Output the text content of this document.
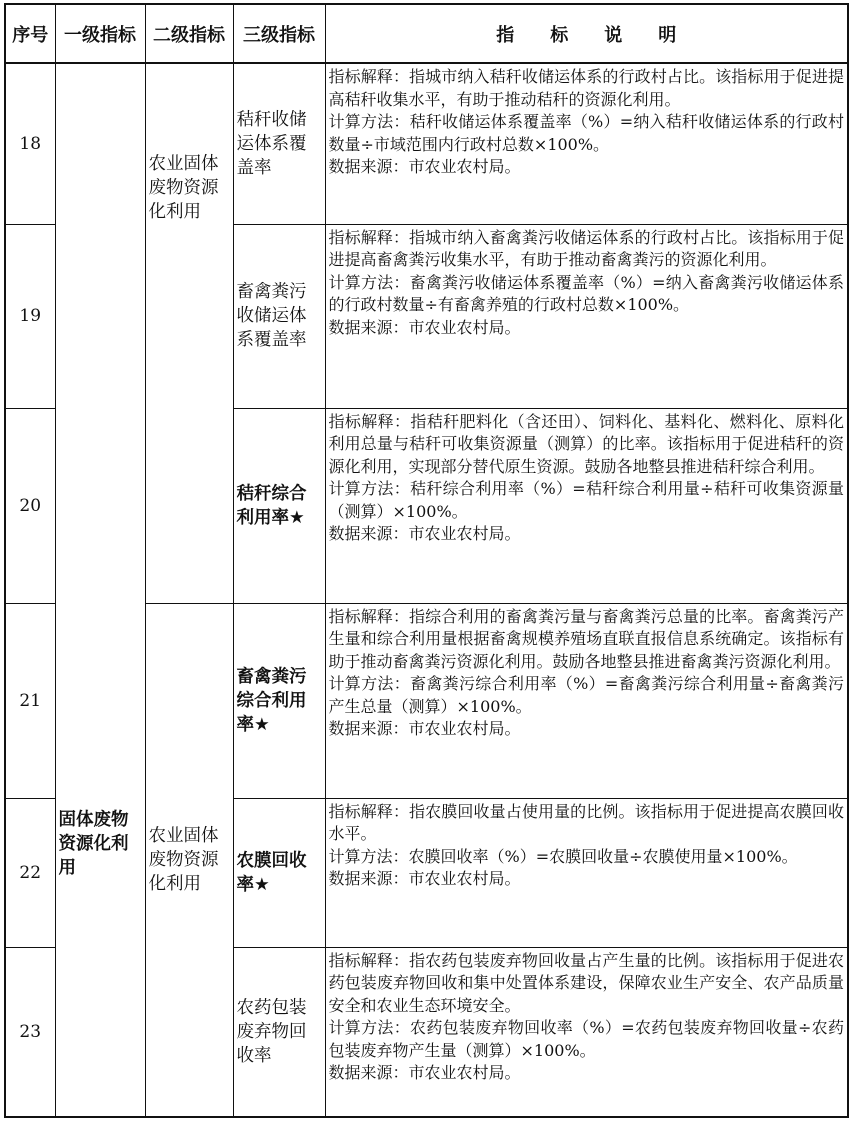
序号	一级指标	二级指标	三级指标	指　　标　　说　　明
18	固体废物资源化利用	农业固体废物资源化利用	秸秆收储运体系覆盖率	指标解释：指城市纳入秸秆收储运体系的行政村占比。该指标用于促进提高秸秆收集水平，有助于推动秸秆的资源化利用。

计算方法：秸秆收储运体系覆盖率（%）=纳入秸秆收储运体系的行政村数量÷市域范围内行政村总数×100%。

数据来源：市农业农村局。

19			畜禽粪污收储运体系覆盖率	指标解释：指城市纳入畜禽粪污收储运体系的行政村占比。该指标用于促进提高畜禽粪污收集水平，有助于推动畜禽粪污的资源化利用。

计算方法：畜禽粪污收储运体系覆盖率（%）=纳入畜禽粪污收储运体系的行政村数量÷有畜禽养殖的行政村总数×100%。

数据来源：市农业农村局。

20			秸秆综合利用率★	指标解释：指秸秆肥料化（含还田）、饲料化、基料化、燃料化、原料化利用总量与秸秆可收集资源量（测算）的比率。该指标用于促进秸秆的资源化利用，实现部分替代原生资源。鼓励各地整县推进秸秆综合利用。

计算方法：秸秆综合利用率（%）=秸秆综合利用量÷秸秆可收集资源量（测算）×100%。

数据来源：市农业农村局。

21		农业固体废物资源化利用	畜禽粪污综合利用率★	指标解释：指综合利用的畜禽粪污量与畜禽粪污总量的比率。畜禽粪污产生量和综合利用量根据畜禽规模养殖场直联直报信息系统确定。该指标有助于推动畜禽粪污资源化利用。鼓励各地整县推进畜禽粪污资源化利用。

计算方法：畜禽粪污综合利用率（%）=畜禽粪污综合利用量÷畜禽粪污产生总量（测算）×100%。

数据来源：市农业农村局。

22			农膜回收率★	指标解释：指农膜回收量占使用量的比例。该指标用于促进提高农膜回收水平。

计算方法：农膜回收率（%）=农膜回收量÷农膜使用量×100%。

数据来源：市农业农村局。

23			农药包装废弃物回收率	指标解释：指农药包装废弃物回收量占产生量的比例。该指标用于促进农药包装废弃物回收和集中处置体系建设，保障农业生产安全、农产品质量安全和农业生态环境安全。

计算方法：农药包装废弃物回收率（%）=农药包装废弃物回收量÷农药包装废弃物产生量（测算）×100%。

数据来源：市农业农村局。
